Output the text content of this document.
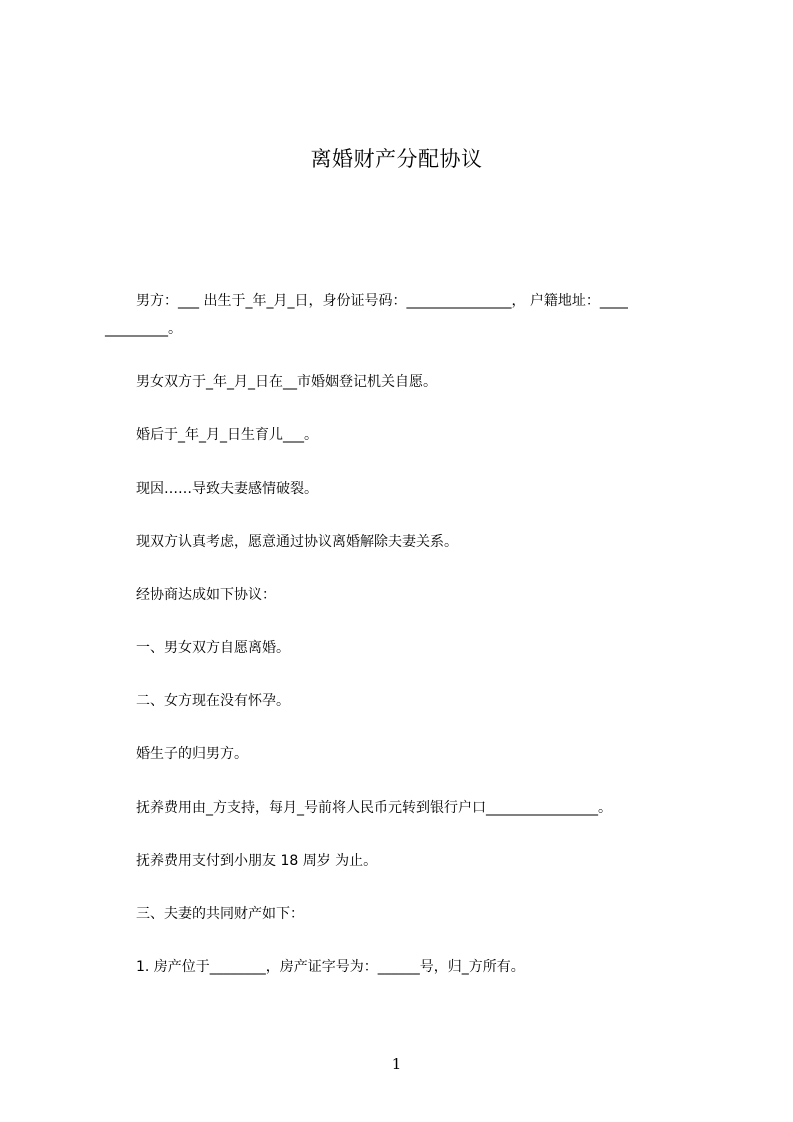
离婚财产分配协议
男方：___ 出生于_年_月_日，身份证号码：_______________， 户籍地址：____
_________。
男女双方于_年_月_日在__市婚姻登记机关自愿。
婚后于_年_月_日生育儿___。
现因……导致夫妻感情破裂。
现双方认真考虑，愿意通过协议离婚解除夫妻关系。
经协商达成如下协议：
一、男女双方自愿离婚。
二、女方现在没有怀孕。
婚生子的归男方。
抚养费用由_方支持，每月_号前将人民币元转到银行户口________________。
抚养费用支付到小朋友 18 周岁 为止。
三、夫妻的共同财产如下：
1. 房产位于________，房产证字号为：______号，归_方所有。
1
